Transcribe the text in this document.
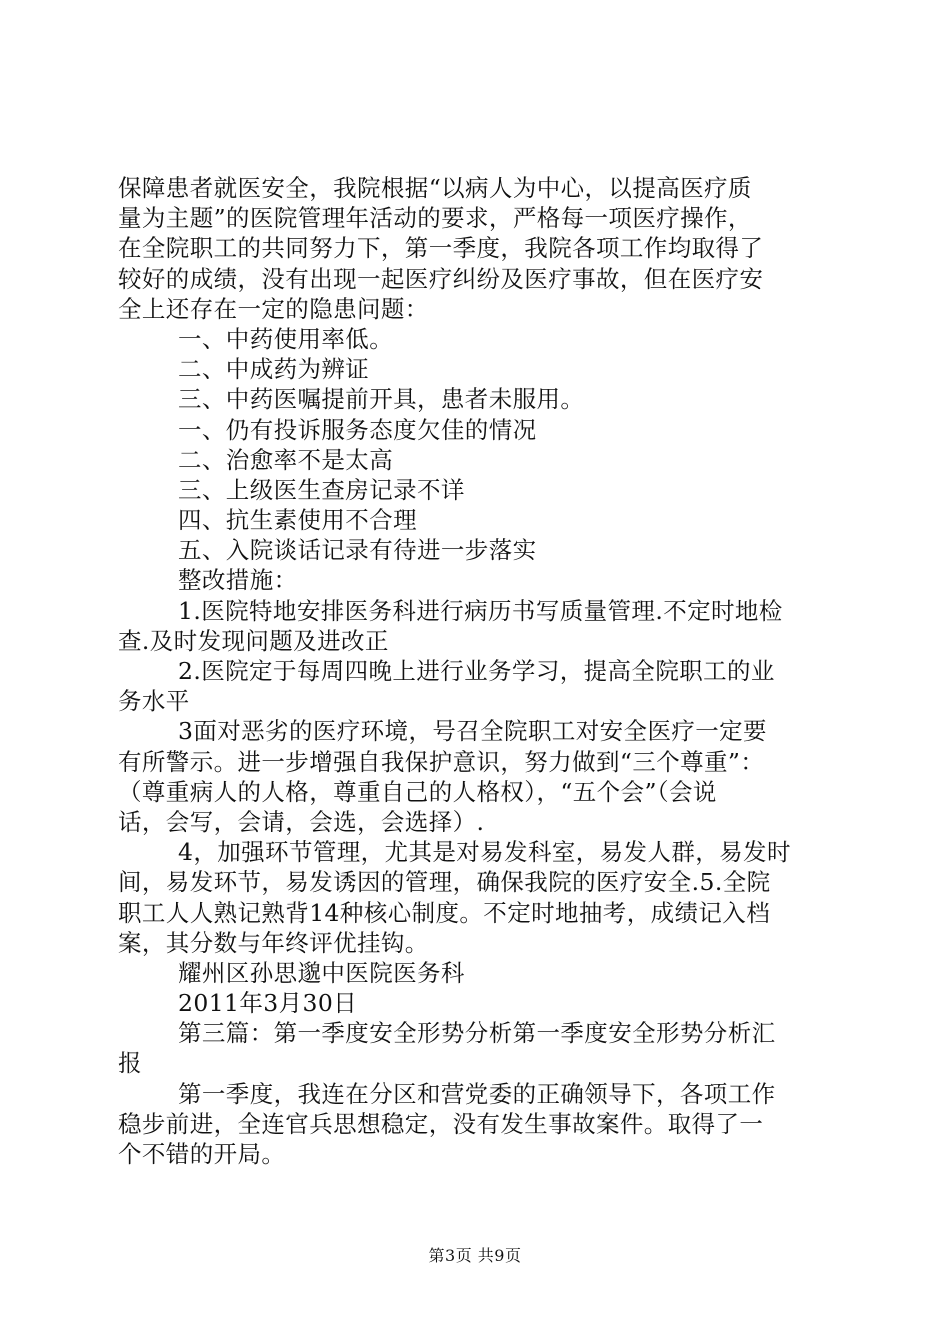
保障患者就医安全，我院根据“以病人为中心，以提高医疗质
量为主题”的医院管理年活动的要求，严格每一项医疗操作，
在全院职工的共同努力下，第一季度，我院各项工作均取得了
较好的成绩，没有出现一起医疗纠纷及医疗事故，但在医疗安
全上还存在一定的隐患问题：
一、中药使用率低。
二、中成药为辨证
三、中药医嘱提前开具，患者未服用。
一、仍有投诉服务态度欠佳的情况
二、治愈率不是太高
三、上级医生查房记录不详
四、抗生素使用不合理
五、入院谈话记录有待进一步落实
整改措施：
1.医院特地安排医务科进行病历书写质量管理.不定时地检
查.及时发现问题及进改正
2.医院定于每周四晚上进行业务学习，提高全院职工的业
务水平
3面对恶劣的医疗环境，号召全院职工对安全医疗一定要
有所警示。进一步增强自我保护意识，努力做到“三个尊重”：
（尊重病人的人格，尊重自己的人格权），“五个会”（会说
话，会写，会请，会选，会选择）.
4，加强环节管理，尤其是对易发科室，易发人群，易发时
间，易发环节，易发诱因的管理，确保我院的医疗安全.5.全院
职工人人熟记熟背14种核心制度。不定时地抽考，成绩记入档
案，其分数与年终评优挂钩。
耀州区孙思邈中医院医务科
2011年3月30日
第三篇：第一季度安全形势分析第一季度安全形势分析汇
报
第一季度，我连在分区和营党委的正确领导下，各项工作
稳步前进，全连官兵思想稳定，没有发生事故案件。取得了一
个不错的开局。
第3页 共9页
